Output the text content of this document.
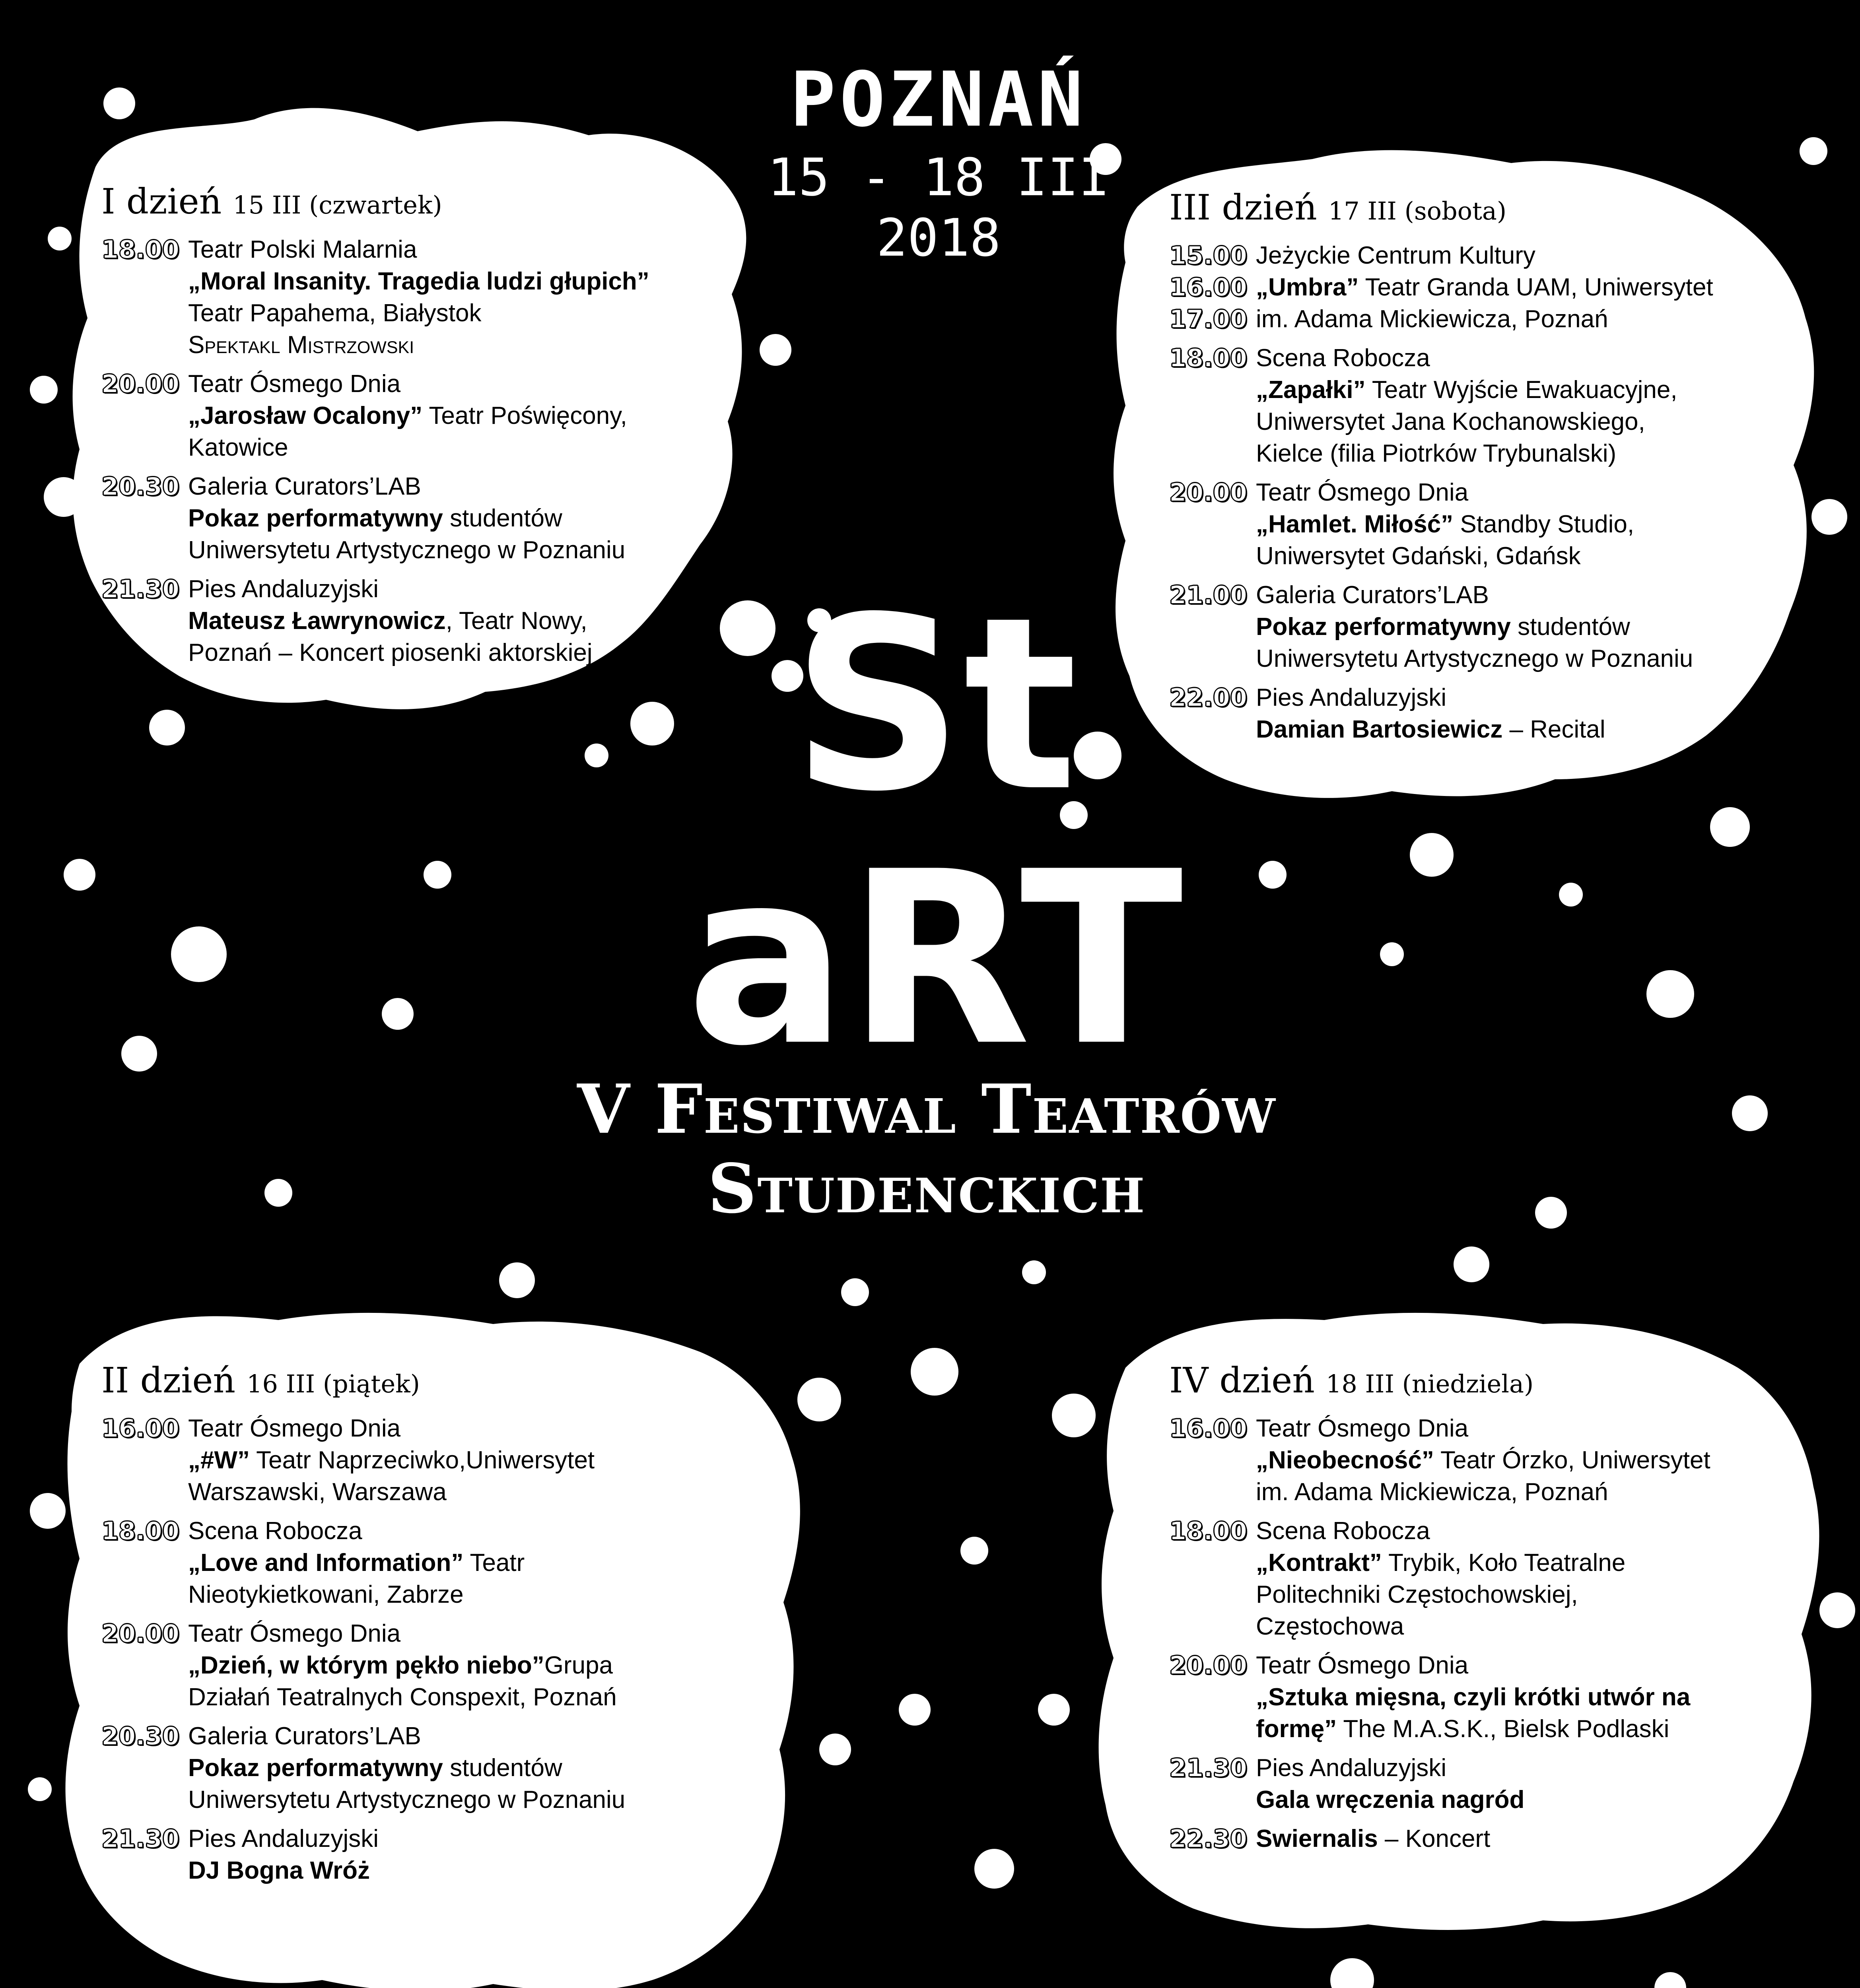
POZNAŃ
15 - 18 III 2018
St
aRT
V Festiwal Teatrów Studenckich
I dzień 15 III (czwartek)
18.00 Teatr Polski Malarnia
„Moral Insanity. Tragedia ludzi głupich”
Teatr Papahema, Białystok
Spektakl Mistrzowski
20.00 Teatr Ósmego Dnia
„Jarosław Ocalony” Teatr Poświęcony,
Katowice
20.30 Galeria Curators’LAB
Pokaz performatywny studentów
Uniwersytetu Artystycznego w Poznaniu
21.30 Pies Andaluzyjski
Mateusz Ławrynowicz, Teatr Nowy,
Poznań – Koncert piosenki aktorskiej
III dzień 17 III (sobota)
15.00
16.00
17.00
Jeżyckie Centrum Kultury
„Umbra” Teatr Granda UAM, Uniwersytet
im. Adama Mickiewicza, Poznań
18.00 Scena Robocza
„Zapałki” Teatr Wyjście Ewakuacyjne,
Uniwersytet Jana Kochanowskiego,
Kielce (filia Piotrków Trybunalski)
20.00 Teatr Ósmego Dnia
„Hamlet. Miłość” Standby Studio,
Uniwersytet Gdański, Gdańsk
21.00 Galeria Curators’LAB
Pokaz performatywny studentów
Uniwersytetu Artystycznego w Poznaniu
22.00 Pies Andaluzyjski
Damian Bartosiewicz – Recital
II dzień 16 III (piątek)
16.00 Teatr Ósmego Dnia
„#W” Teatr Naprzeciwko,Uniwersytet
Warszawski, Warszawa
18.00 Scena Robocza
„Love and Information” Teatr
Nieotykietkowani, Zabrze
20.00 Teatr Ósmego Dnia
„Dzień, w którym pękło niebo”Grupa
Działań Teatralnych Conspexit, Poznań
20.30 Galeria Curators’LAB
Pokaz performatywny studentów
Uniwersytetu Artystycznego w Poznaniu
21.30 Pies Andaluzyjski
DJ Bogna Wróż
IV dzień 18 III (niedziela)
16.00 Teatr Ósmego Dnia
„Nieobecność” Teatr Órzko, Uniwersytet
im. Adama Mickiewicza, Poznań
18.00 Scena Robocza
„Kontrakt” Trybik, Koło Teatralne
Politechniki Częstochowskiej,
Częstochowa
20.00 Teatr Ósmego Dnia
„Sztuka mięsna, czyli krótki utwór na
formę” The M.A.S.K., Bielsk Podlaski
21.30 Pies Andaluzyjski
Gala wręczenia nagród
22.30 Swiernalis – Koncert
